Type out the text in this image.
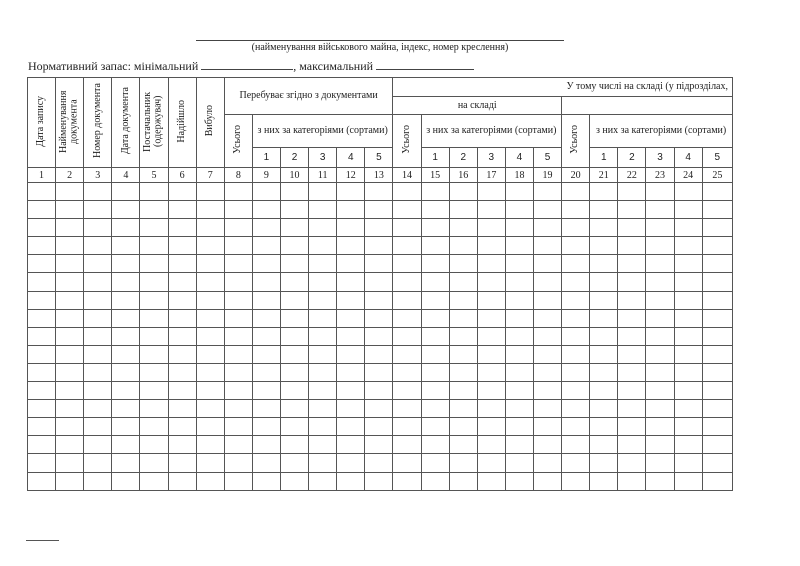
(найменування військового майна, індекс, номер креслення)
Нормативний запас: мінімальний	, максимальний
Дата запису	Найменування документа	Номер документа	Дата документа	Постачальник (одержувач)	Надійшло	Вибуло	Перебуває згідно з документами						У тому числі на складі (у підрозділах,											
													на складі											
							Усього	з них за категоріями (сортами)					Усього	з них за категоріями (сортами)					Усього	з них за категоріями (сортами)				
								1	2	3	4	5		1	2	3	4	5		1	2	3	4	5
1	2	3	4	5	6	7	8	9	10	11	12	13	14	15	16	17	18	19	20	21	22	23	24	25
